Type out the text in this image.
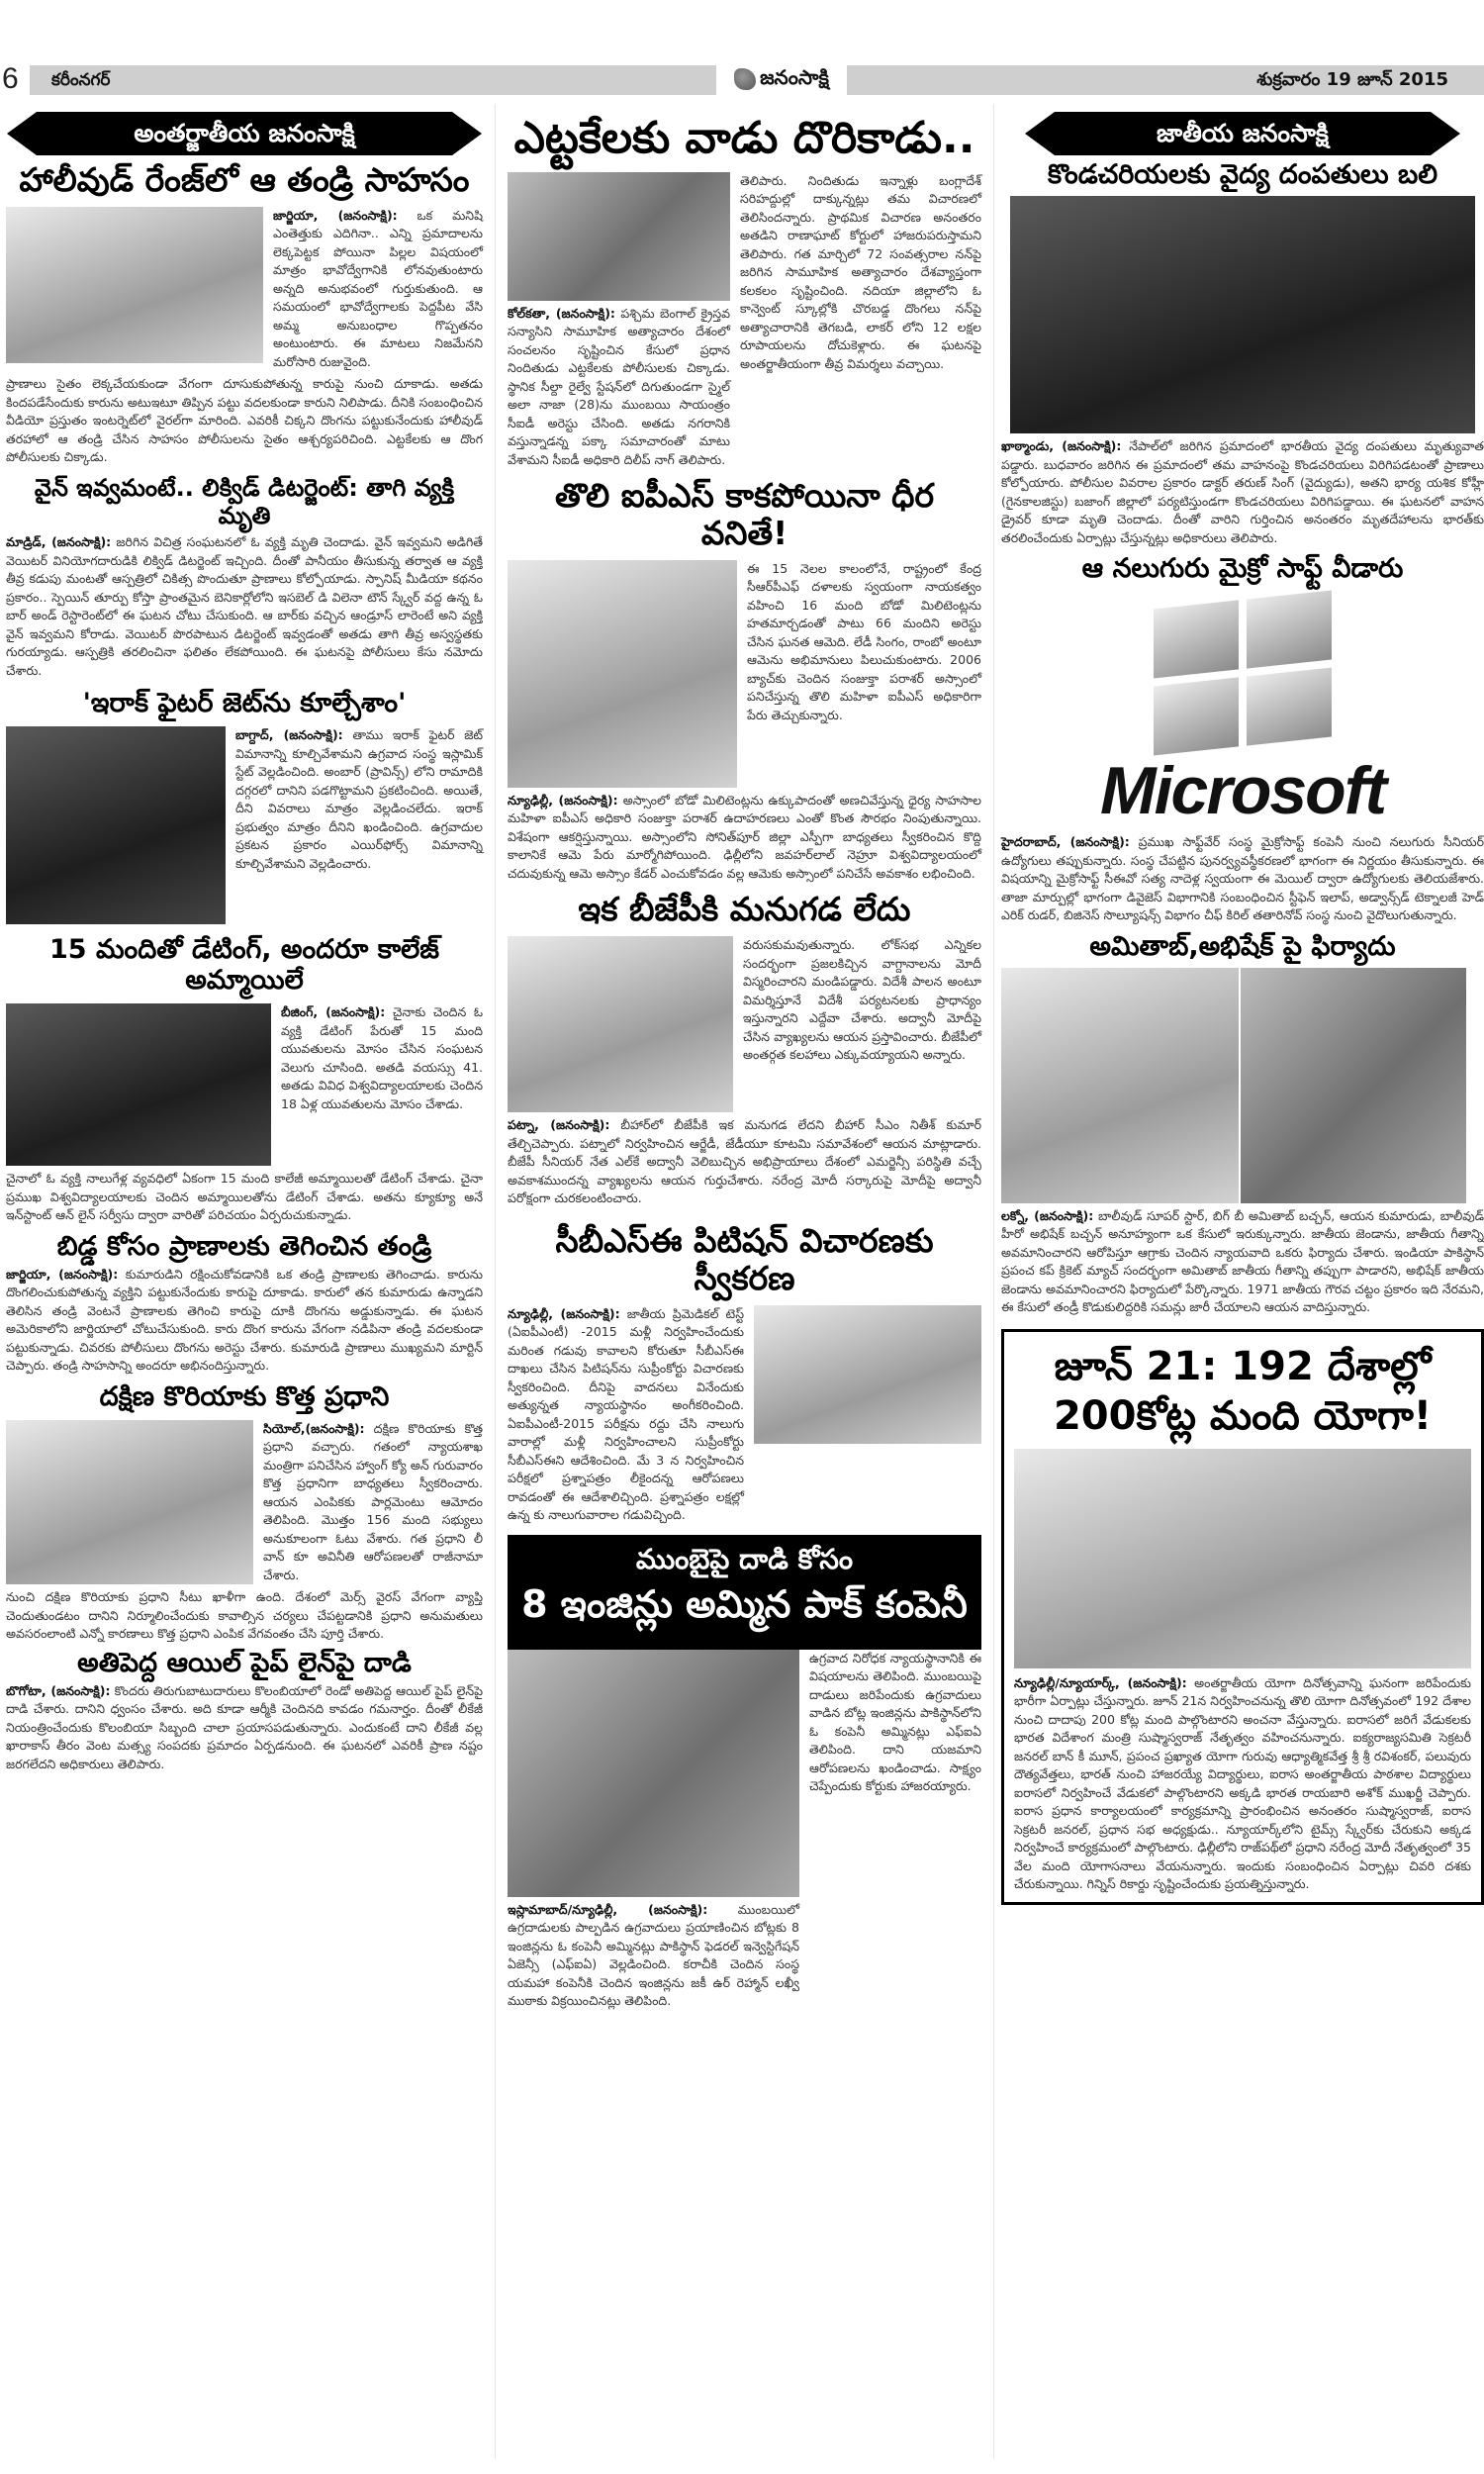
6 కరీంనగర్	జనంసాక్షి	శుక్రవారం 19 జూన్ 2015
అంతర్జాతీయ జనంసాక్షి
హాలీవుడ్ రేంజ్‌లో ఆ తండ్రి సాహసం
జార్జియా, (జనంసాక్షి): ఒక మనిషి ఎంతెత్తుకు ఎదిగినా.. ఎన్ని ప్రమాదాలను లెక్కపెట్టక పోయినా పిల్లల విషయంలో మాత్రం భావోద్వేగానికి లోనవుతుంటారు అన్నది అనుభవంలో గుర్తుకుతుంది. ఆ సమయంలో భావోద్వేగాలకు పెద్దపీట వేసి అమ్మ అనుబంధాల గొప్పతనం అంటుంటారు. ఈ మాటలు నిజమేనని మరోసారి రుజువైంది.
ప్రాణాలు సైతం లెక్కచేయకుండా వేగంగా దూసుకుపోతున్న కారుపై నుంచి దూకాడు. అతడు కిందపడేసేందుకు కారును అటుఇటూ తిప్పిన పట్టు వదలకుండా కారుని నిలిపాడు. దీనికి సంబంధించిన వీడియో ప్రస్తుతం ఇంటర్నెట్‌లో వైరల్‌గా మారింది. ఎవరికీ చిక్కని దొంగను పట్టుకునేందుకు హాలీవుడ్ తరహాలో ఆ తండ్రి చేసిన సాహసం పోలీసులను సైతం ఆశ్చర్యపరిచింది. ఎట్టకేలకు ఆ దొంగ పోలీసులకు చిక్కాడు.
వైన్ ఇవ్వమంటే.. లిక్విడ్ డిటర్జెంట్: తాగి వ్యక్తి మృతి
మాడ్రిడ్, (జనంసాక్షి): జరిగిన విచిత్ర సంఘటనలో ఓ వ్యక్తి మృతి చెందాడు. వైన్ ఇవ్వమని అడిగితే వెయిటర్ వినియోగదారుడికి లిక్విడ్ డిటర్జెంట్ ఇచ్చింది. దీంతో పానీయం తీసుకున్న తర్వాత ఆ వ్యక్తి తీవ్ర కడుపు మంటతో ఆస్పత్రిలో చికిత్స పొందుతూ ప్రాణాలు కోల్పోయాడు. స్పానిష్ మీడియా కథనం ప్రకారం.. స్పెయిన్ తూర్పు కోస్తా ప్రాంతమైన బెనికార్లోలోని ఇసబెల్ డి విలెనా టౌన్ స్క్వేర్ వద్ద ఉన్న ఓ బార్ అండ్ రెస్టారెంట్‌లో ఈ ఘటన చోటు చేసుకుంది. ఆ బార్‌కు వచ్చిన ఆండ్రూస్ లారెంటే అని వ్యక్తి వైన్ ఇవ్వమని కోరాడు. వెయిటర్ పొరపాటున డిటర్జెంట్ ఇవ్వడంతో అతడు తాగి తీవ్ర అస్వస్థతకు గురయ్యాడు. ఆస్పత్రికి తరలించినా ఫలితం లేకపోయింది. ఈ ఘటనపై పోలీసులు కేసు నమోదు చేశారు.
'ఇరాక్ ఫైటర్ జెట్‌ను కూల్చేశాం'
బాగ్దాద్, (జనంసాక్షి): తాము ఇరాక్ ఫైటర్ జెట్ విమానాన్ని కూల్చివేశామని ఉగ్రవాద సంస్థ ఇస్లామిక్ స్టేట్ వెల్లడించింది. అంబార్ (ప్రావిన్స్) లోని రామాదికి దగ్గరలో దానిని పడగొట్టామని ప్రకటించింది. అయితే, దీని వివరాలు మాత్రం వెల్లడించలేదు. ఇరాక్ ప్రభుత్వం మాత్రం దీనిని ఖండించింది. ఉగ్రవాదుల ప్రకటన ప్రకారం ఎయిర్‌ఫోర్స్ విమానాన్ని కూల్చివేశామని వెల్లడించారు.
15 మందితో డేటింగ్, అందరూ కాలేజ్ అమ్మాయిలే
బీజింగ్, (జనంసాక్షి): చైనాకు చెందిన ఓ వ్యక్తి డేటింగ్ పేరుతో 15 మంది యువతులను మోసం చేసిన సంఘటన వెలుగు చూసింది. అతడి వయస్సు 41. అతడు వివిధ విశ్వవిద్యాలయాలకు చెందిన 18 ఏళ్ల యువతులను మోసం చేశాడు.
చైనాలో ఓ వ్యక్తి నాలుగేళ్ల వ్యవధిలో ఏకంగా 15 మంది కాలేజీ అమ్మాయిలతో డేటింగ్ చేశాడు. చైనా ప్రముఖ విశ్వవిద్యాలయాలకు చెందిన అమ్మాయిలతోను డేటింగ్ చేశాడు. అతను క్యూక్యూ అనే ఇన్‌స్టాంట్ ఆన్ లైన్ సర్వీసు ద్వారా వారితో పరిచయం ఏర్పరుచుకున్నాడు.
బిడ్డ కోసం ప్రాణాలకు తెగించిన తండ్రి
జార్జియా, (జనంసాక్షి): కుమారుడిని రక్షించుకోవడానికి ఒక తండ్రి ప్రాణాలకు తెగించాడు. కారును దొంగలించుకుపోతున్న వ్యక్తిని పట్టుకునేందుకు కారుపై దూకాడు. కారులో తన కుమారుడు ఉన్నాడని తెలిసిన తండ్రి వెంటనే ప్రాణాలకు తెగించి కారుపై దూకి దొంగను అడ్డుకున్నాడు. ఈ ఘటన అమెరికాలోని జార్జియాలో చోటుచేసుకుంది. కారు దొంగ కారును వేగంగా నడిపినా తండ్రి వదలకుండా పట్టుకున్నాడు. చివరకు పోలీసులు దొంగను అరెస్టు చేశారు. కుమారుడి ప్రాణాలు ముఖ్యమని మార్టిన్ చెప్పారు. తండ్రి సాహసాన్ని అందరూ అభినందిస్తున్నారు.
దక్షిణ కొరియాకు కొత్త ప్రధాని
సియోల్,(జనంసాక్షి): దక్షిణ కొరియాకు కొత్త ప్రధాని వచ్చారు. గతంలో న్యాయశాఖ మంత్రిగా పనిచేసిన హ్వాంగ్ క్యో అన్ గురువారం కొత్త ప్రధానిగా బాధ్యతలు స్వీకరించారు. ఆయన ఎంపికకు పార్లమెంటు ఆమోదం తెలిపింది. మొత్తం 156 మంది సభ్యులు అనుకూలంగా ఓటు వేశారు. గత ప్రధాని లీ వాన్ కూ అవినీతి ఆరోపణలతో రాజీనామా చేశారు.
నుంచి దక్షిణ కొరియాకు ప్రధాని సీటు ఖాళీగా ఉంది. దేశంలో మెర్స్ వైరస్ వేగంగా వ్యాప్తి చెందుతుండటం దానిని నిర్మూలించేందుకు కావాల్సిన చర్యలు చేపట్టడానికి ప్రధాని అనుమతులు అవసరంలాంటి ఎన్నో కారణాలు కొత్త ప్రధాని ఎంపిక వేగవంతం చేసి పూర్తి చేశారు.
అతిపెద్ద ఆయిల్ పైప్ లైన్‌పై దాడి
బొగోటా, (జనంసాక్షి): కొందరు తిరుగుబాటుదారులు కొలంబియాలో రెండో అతిపెద్ద ఆయిల్ పైప్ లైన్‌పై దాడి చేశారు. దానిని ధ్వంసం చేశారు. అది కూడా ఆర్మీకి చెందినది కావడం గమనార్హం. దీంతో లీకేజీ నియంత్రించేందుకు కొలంబియా సిబ్బంది చాలా ప్రయాసపడుతున్నారు. ఎందుకంటే దాని లీకేజీ వల్ల ఖారాకాస్ తీరం వెంట మత్స్య సంపదకు ప్రమాదం ఏర్పడనుంది. ఈ ఘటనలో ఎవరికీ ప్రాణ నష్టం జరగలేదని అధికారులు తెలిపారు.
ఎట్టకేలకు వాడు దొరికాడు..
కోల్‌కతా, (జనంసాక్షి): పశ్చిమ బెంగాల్ క్రైస్తవ సన్యాసిని సామూహిక అత్యాచారం దేశంలో సంచలనం సృష్టించిన కేసులో ప్రధాన నిందితుడు ఎట్టకేలకు పోలీసులకు చిక్కాడు. స్థానిక సీల్దా రైల్వే స్టేషన్‌లో దిగుతుండగా స్మైల్ అలా నాజా (28)ను ముంబయి సాయంత్రం సీఐడీ అరెస్టు చేసింది. అతడు నగరానికి వస్తున్నాడన్న పక్కా సమాచారంతో మాటు వేశామని సీఐడీ అధికారి దిలీప్ నాగ్ తెలిపారు.
తెలిపారు. నిందితుడు ఇన్నాళ్లు బంగ్లాదేశ్ సరిహద్దుల్లో దాక్కున్నట్లు తమ విచారణలో తెలిసిందన్నారు. ప్రాథమిక విచారణ అనంతరం అతడిని రాణాఘాట్ కోర్టులో హాజరుపరుస్తామని తెలిపారు. గత మార్చిలో 72 సంవత్సరాల నన్‌పై జరిగిన సామూహిక అత్యాచారం దేశవ్యాప్తంగా కలకలం సృష్టించింది. నదియా జిల్లాలోని ఓ కాన్వెంట్ స్కూల్లోకి చొరబడ్డ దొంగలు నన్‌పై అత్యాచారానికి తెగబడి, లాకర్ లోని 12 లక్షల రూపాయలను దోచుకెళ్లారు. ఈ ఘటనపై అంతర్జాతీయంగా తీవ్ర విమర్శలు వచ్చాయి.
తొలి ఐపీఎస్ కాకపోయినా ధీర వనితే!
ఈ 15 నెలల కాలంలోనే, రాష్ట్రంలో కేంద్ర సీఆర్‌పీఎఫ్ దళాలకు స్వయంగా నాయకత్వం వహించి 16 మంది బోడో మిలిటెంట్లను హతమార్చడంతో పాటు 66 మందిని అరెస్టు చేసిన ఘనత ఆమెది. లేడీ సింగం, రాంబో అంటూ ఆమెను అభిమానులు పిలుచుకుంటారు. 2006 బ్యాచ్‌కు చెందిన సంజుక్తా పరాశర్ అస్సాంలో పనిచేస్తున్న తొలి మహిళా ఐపీఎస్ అధికారిగా పేరు తెచ్చుకున్నారు.
న్యూఢిల్లీ, (జనంసాక్షి): అస్సాంలో బోడో మిలిటెంట్లను ఉక్కుపాదంతో అణచివేస్తున్న ధైర్య సాహసాల మహిళా ఐపీఎస్ అధికారి సంజుక్తా పరాశర్ ఉదాహరణలు ఎంతో కొంత సౌరభం నింపుతున్నాయి. విశేషంగా ఆకర్షిస్తున్నాయి. అస్సాంలోని సోనిత్‌పూర్ జిల్లా ఎస్పీగా బాధ్యతలు స్వీకరించిన కొద్ది కాలానికే ఆమె పేరు మార్మోగిపోయింది. ఢిల్లీలోని జవహర్‌లాల్ నెహ్రూ విశ్వవిద్యాలయంలో చదువుకున్న ఆమె అస్సాం కేడర్ ఎంచుకోవడం వల్ల ఆమెకు అస్సాంలో పనిచేసే అవకాశం లభించింది.
ఇక బీజేపీకి మనుగడ లేదు
వరుసకుమవుతున్నారు. లోక్‌సభ ఎన్నికల సందర్భంగా ప్రజలకిచ్చిన వాగ్దానాలను మోదీ విస్మరించారని మండిపడ్డారు. విదేశీ పాలన అంటూ విమర్శిస్తూనే విదేశీ పర్యటనలకు ప్రాధాన్యం ఇస్తున్నారని ఎద్దేవా చేశారు. అద్వానీ మోదీపై చేసిన వ్యాఖ్యలను ఆయన ప్రస్తావించారు. బీజేపీలో అంతర్గత కలహాలు ఎక్కువయ్యాయని అన్నారు.
పట్నా, (జనంసాక్షి): బీహార్‌లో బీజేపీకి ఇక మనుగడ లేదని బీహార్ సీఎం నితీశ్ కుమార్ తేల్చిచెప్పారు. పట్నాలో నిర్వహించిన ఆర్జేడీ, జేడీయూ కూటమి సమావేశంలో ఆయన మాట్లాడారు. బీజేపీ సీనియర్ నేత ఎల్‌కే అద్వానీ వెలిబుచ్చిన అభిప్రాయాలు దేశంలో ఎమర్జెన్సీ పరిస్థితి వచ్చే అవకాశముందన్న వ్యాఖ్యలను ఆయన గుర్తుచేశారు. నరేంద్ర మోదీ సర్కారుపై మోదీపై అద్వానీ పరోక్షంగా చురకలంటించారు.
సీబీఎస్ఈ పిటిషన్ విచారణకు స్వీకరణ
న్యూఢిల్లీ, (జనంసాక్షి): జాతీయ ప్రిమెడికల్ టెస్ట్ (ఏఐపీఎంటీ) -2015 మళ్లీ నిర్వహించేందుకు మరింత గడువు కావాలని కోరుతూ సీబీఎస్ఈ దాఖలు చేసిన పిటిషన్‌ను సుప్రీంకోర్టు విచారణకు స్వీకరించింది. దీనిపై వాదనలు వినేందుకు అత్యున్నత న్యాయస్థానం అంగీకరించింది. ఏఐపీఎంటీ-2015 పరీక్షను రద్దు చేసి నాలుగు వారాల్లో మళ్లీ నిర్వహించాలని సుప్రీంకోర్టు సీబీఎస్ఈని ఆదేశించింది. మే 3 న నిర్వహించిన పరీక్షలో ప్రశ్నాపత్రం లీకైందన్న ఆరోపణలు రావడంతో ఈ ఆదేశాలిచ్చింది. ప్రశ్నాపత్రం లక్షల్లో ఉన్న కు నాలుగువారాల గడువిచ్చింది.
ముంబైపై దాడి కోసం
8 ఇంజిన్లు అమ్మిన పాక్ కంపెనీ
ఇస్లామాబాద్/న్యూఢిల్లీ, (జనంసాక్షి): ముంబయిలో ఉగ్రదాడులకు పాల్పడిన ఉగ్రవాదులు ప్రయాణించిన బోట్లకు 8 ఇంజిన్లను ఓ కంపెనీ అమ్మినట్లు పాకిస్థాన్ ఫెడరల్ ఇన్వెస్టిగేషన్ ఏజెన్సీ (ఎఫ్ఐఏ) వెల్లడించింది. కరాచీకి చెందిన సంస్థ యమహా కంపెనీకి చెందిన ఇంజిన్లను జకీ ఉర్ రెహ్మాన్ లఖ్వీ ముఠాకు విక్రయించినట్లు తెలిపింది.
ఉగ్రవాద నిరోధక న్యాయస్థానానికి ఈ విషయాలను తెలిపింది. ముంబయిపై దాడులు జరిపేందుకు ఉగ్రవాదులు వాడిన బోట్ల ఇంజిన్లను పాకిస్థాన్‌లోని ఓ కంపెనీ అమ్మినట్లు ఎఫ్ఐఏ తెలిపింది. దాని యజమాని ఆరోపణలను ఖండించాడు. సాక్ష్యం చెప్పేందుకు కోర్టుకు హాజరయ్యారు.
జాతీయ జనంసాక్షి
కొండచరియలకు వైద్య దంపతులు బలి
ఖాఠ్మాండు, (జనంసాక్షి): నేపాల్‌లో జరిగిన ప్రమాదంలో భారతీయ వైద్య దంపతులు మృత్యువాత పడ్డారు. బుధవారం జరిగిన ఈ ప్రమాదంలో తమ వాహనంపై కొండచరియలు విరిగిపడటంతో ప్రాణాలు కోల్పోయారు. పోలీసుల వివరాల ప్రకారం డాక్టర్ తరుణ్ సింగ్ (వైద్యుడు), అతని భార్య యశిక కోహ్లీ (గైనకాలజిస్టు) బజాంగ్ జిల్లాలో పర్యటిస్తుండగా కొండచరియలు విరిగిపడ్డాయి. ఈ ఘటనలో వాహన డ్రైవర్ కూడా మృతి చెందాడు. దీంతో వారిని గుర్తించిన అనంతరం మృతదేహాలను భారత్‌కు తరలించేందుకు ఏర్పాట్లు చేస్తున్నట్లు అధికారులు తెలిపారు.
ఆ నలుగురు మైక్రో సాఫ్ట్ వీడారు
Microsoft
హైదరాబాద్, (జనంసాక్షి): ప్రముఖ సాఫ్ట్‌వేర్ సంస్థ మైక్రోసాఫ్ట్ కంపెనీ నుంచి నలుగురు సీనియర్ ఉద్యోగులు తప్పుకున్నారు. సంస్థ చేపట్టిన పునర్వ్యవస్థీకరణలో భాగంగా ఈ నిర్ణయం తీసుకున్నారు. ఈ విషయాన్ని మైక్రోసాఫ్ట్ సీఈవో సత్య నాదెళ్ల స్వయంగా ఈ మెయిల్ ద్వారా ఉద్యోగులకు తెలియజేశారు. తాజా మార్పుల్లో భాగంగా డివైజెస్ విభాగానికి సంబంధించిన స్టీఫెన్ ఇలాప్, అడ్వాన్స్‌డ్ టెక్నాలజీ హెడ్ ఎరిక్ రుడర్, బిజినెస్ సొల్యూషన్స్ విభాగం చీఫ్ కిరిల్ తతారినోవ్ సంస్థ నుంచి వైదొలుగుతున్నారు.
అమితాబ్,అభిషేక్ పై ఫిర్యాదు
లక్నో, (జనంసాక్షి): బాలీవుడ్ సూపర్ స్టార్, బిగ్ బీ అమితాబ్ బచ్చన్, ఆయన కుమారుడు, బాలీవుడ్ హీరో అభిషేక్ బచ్చన్ అనూహ్యంగా ఒక కేసులో ఇరుక్కున్నారు. జాతీయ జెండాను, జాతీయ గీతాన్ని అవమానించారని ఆరోపిస్తూ ఆగ్రాకు చెందిన న్యాయవాది ఒకరు ఫిర్యాదు చేశారు. ఇండియా పాకిస్థాన్ ప్రపంచ కప్ క్రికెట్ మ్యాచ్ సందర్భంగా అమితాబ్ జాతీయ గీతాన్ని తప్పుగా పాడారని, అభిషేక్ జాతీయ జెండాను అవమానించారని ఫిర్యాదులో పేర్కొన్నారు. 1971 జాతీయ గౌరవ చట్టం ప్రకారం ఇది నేరమని, ఈ కేసులో తండ్రీ కొడుకులిద్దరికి సమన్లు జారీ చేయాలని ఆయన వాదిస్తున్నారు.
జూన్ 21: 192 దేశాల్లో
200కోట్ల మంది యోగా!
న్యూఢిల్లీ/న్యూయార్క్, (జనంసాక్షి): అంతర్జాతీయ యోగా దినోత్సవాన్ని ఘనంగా జరిపేందుకు భారీగా ఏర్పాట్లు చేస్తున్నారు. జూన్ 21న నిర్వహించనున్న తొలి యోగా దినోత్సవంలో 192 దేశాల నుంచి దాదాపు 200 కోట్ల మంది పాల్గొంటారని అంచనా వేస్తున్నారు. ఐరాసలో జరిగే వేడుకలకు భారత విదేశాంగ మంత్రి సుష్మాస్వరాజ్ నేతృత్వం వహించనున్నారు. ఐక్యరాజ్యసమితి సెక్రటరీ జనరల్ బాన్ కీ మూన్, ప్రపంచ ప్రఖ్యాత యోగా గురువు ఆధ్యాత్మికవేత్త శ్రీ శ్రీ రవిశంకర్, పలువురు దౌత్యవేత్తలు, భారత్ నుంచి హాజరయ్యే విద్యార్థులు, ఐరాస అంతర్జాతీయ పాఠశాల విద్యార్థులు ఐరాసలో నిర్వహించే వేడుకలో పాల్గొంటారని అక్కడి భారత రాయబారి అశోక్ ముఖర్జీ చెప్పారు. ఐరాస ప్రధాన కార్యాలయంలో కార్యక్రమాన్ని ప్రారంభించిన అనంతరం సుష్మాస్వరాజ్, ఐరాస సెక్రటరీ జనరల్, ప్రధాన సభ అధ్యక్షుడు.. న్యూయార్క్‌లోని టైమ్స్ స్క్వేర్‌కు చేరుకుని అక్కడ నిర్వహించే కార్యక్రమంలో పాల్గొంటారు. ఢిల్లీలోని రాజ్‌పథ్‌లో ప్రధాని నరేంద్ర మోదీ నేతృత్వంలో 35 వేల మంది యోగాసనాలు వేయనున్నారు. ఇందుకు సంబంధించిన ఏర్పాట్లు చివరి దశకు చేరుకున్నాయి. గిన్నిస్ రికార్డు సృష్టించేందుకు ప్రయత్నిస్తున్నారు.
